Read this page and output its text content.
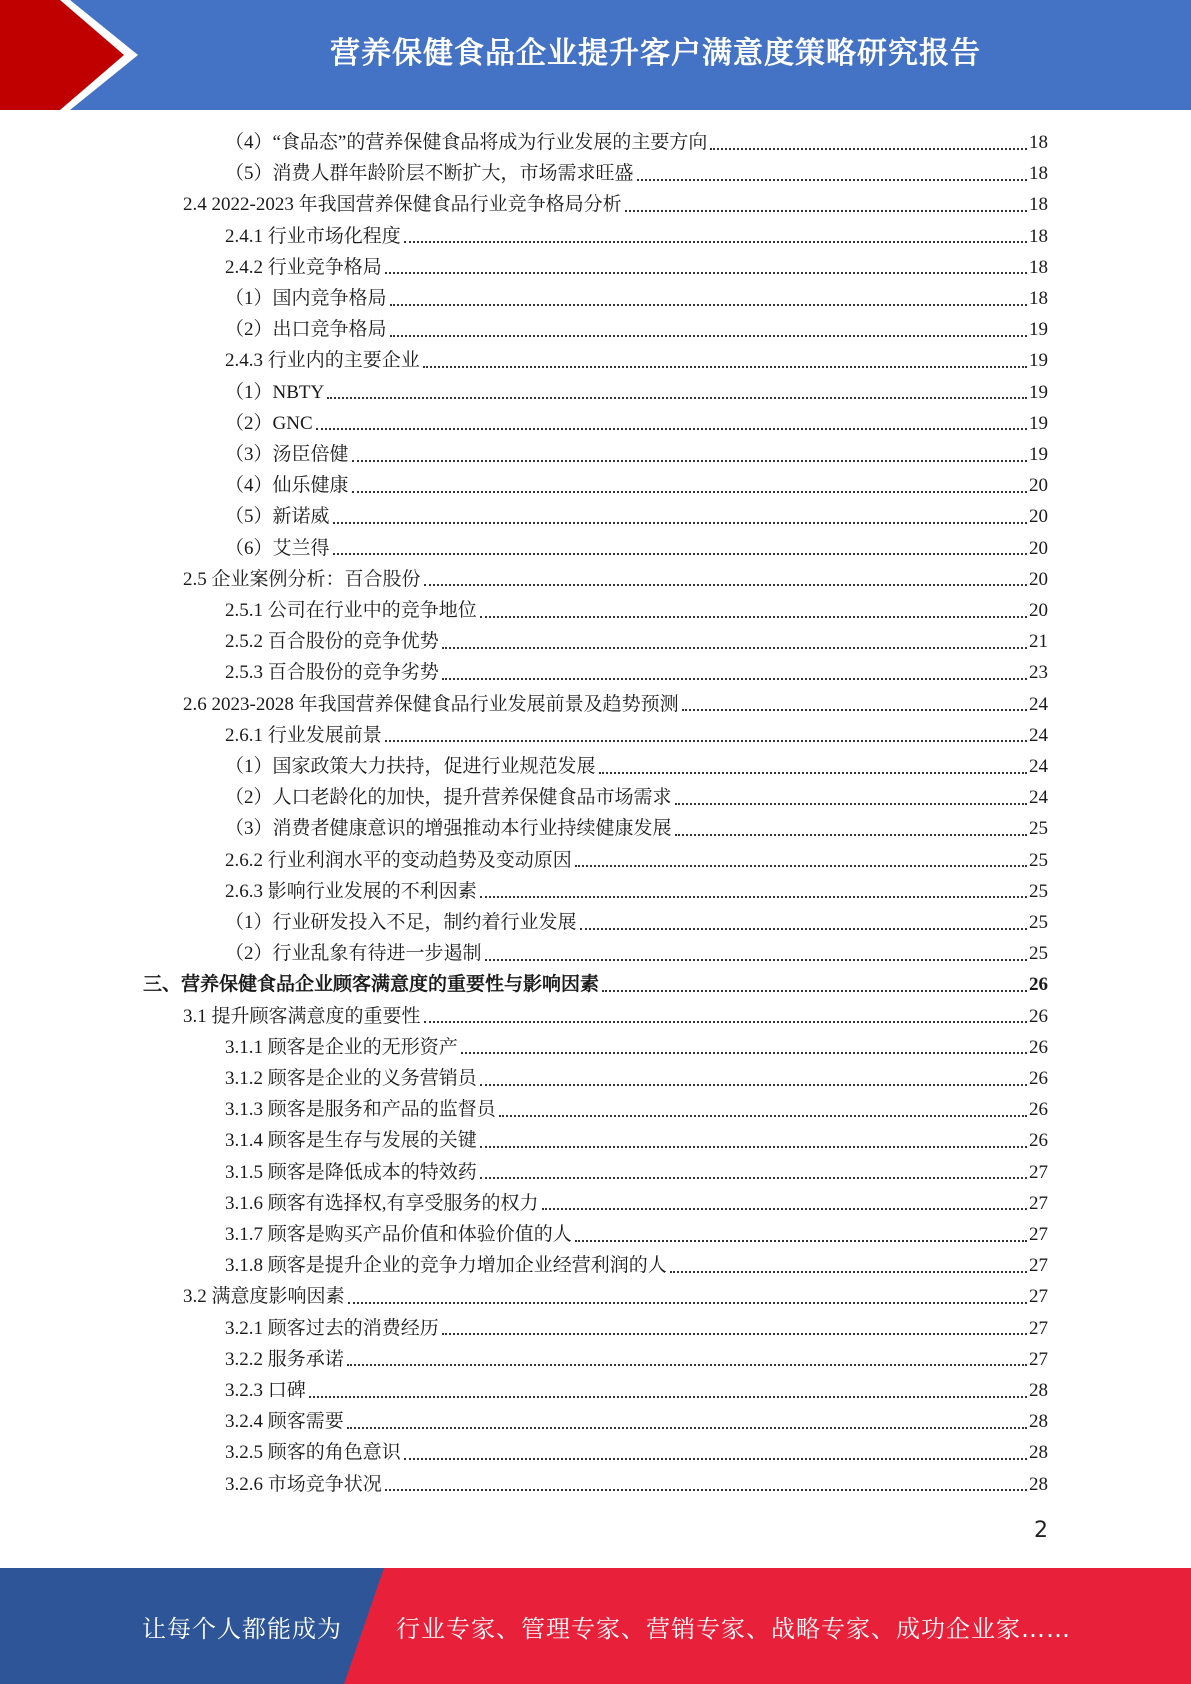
营养保健食品企业提升客户满意度策略研究报告
（4）“食品态”的营养保健食品将成为行业发展的主要方向	18
（5）消费人群年龄阶层不断扩大，市场需求旺盛	18
2.4 2022-2023 年我国营养保健食品行业竞争格局分析	18
2.4.1 行业市场化程度	18
2.4.2 行业竞争格局	18
（1）国内竞争格局	18
（2）出口竞争格局	19
2.4.3 行业内的主要企业	19
（1）NBTY	19
（2）GNC	19
（3）汤臣倍健	19
（4）仙乐健康	20
（5）新诺威	20
（6）艾兰得	20
2.5 企业案例分析：百合股份	20
2.5.1 公司在行业中的竞争地位	20
2.5.2 百合股份的竞争优势	21
2.5.3 百合股份的竞争劣势	23
2.6 2023-2028 年我国营养保健食品行业发展前景及趋势预测	24
2.6.1 行业发展前景	24
（1）国家政策大力扶持，促进行业规范发展	24
（2）人口老龄化的加快，提升营养保健食品市场需求	24
（3）消费者健康意识的增强推动本行业持续健康发展	25
2.6.2 行业利润水平的变动趋势及变动原因	25
2.6.3 影响行业发展的不利因素	25
（1）行业研发投入不足，制约着行业发展	25
（2）行业乱象有待进一步遏制	25
三、营养保健食品企业顾客满意度的重要性与影响因素	26
3.1 提升顾客满意度的重要性	26
3.1.1 顾客是企业的无形资产	26
3.1.2 顾客是企业的义务营销员	26
3.1.3 顾客是服务和产品的监督员	26
3.1.4 顾客是生存与发展的关键	26
3.1.5 顾客是降低成本的特效药	27
3.1.6 顾客有选择权,有享受服务的权力	27
3.1.7 顾客是购买产品价值和体验价值的人	27
3.1.8 顾客是提升企业的竞争力增加企业经营利润的人	27
3.2 满意度影响因素	27
3.2.1 顾客过去的消费经历	27
3.2.2 服务承诺	27
3.2.3 口碑	28
3.2.4 顾客需要	28
3.2.5 顾客的角色意识	28
3.2.6 市场竞争状况	28
2
让每个人都能成为 行业专家、管理专家、营销专家、战略专家、成功企业家……
